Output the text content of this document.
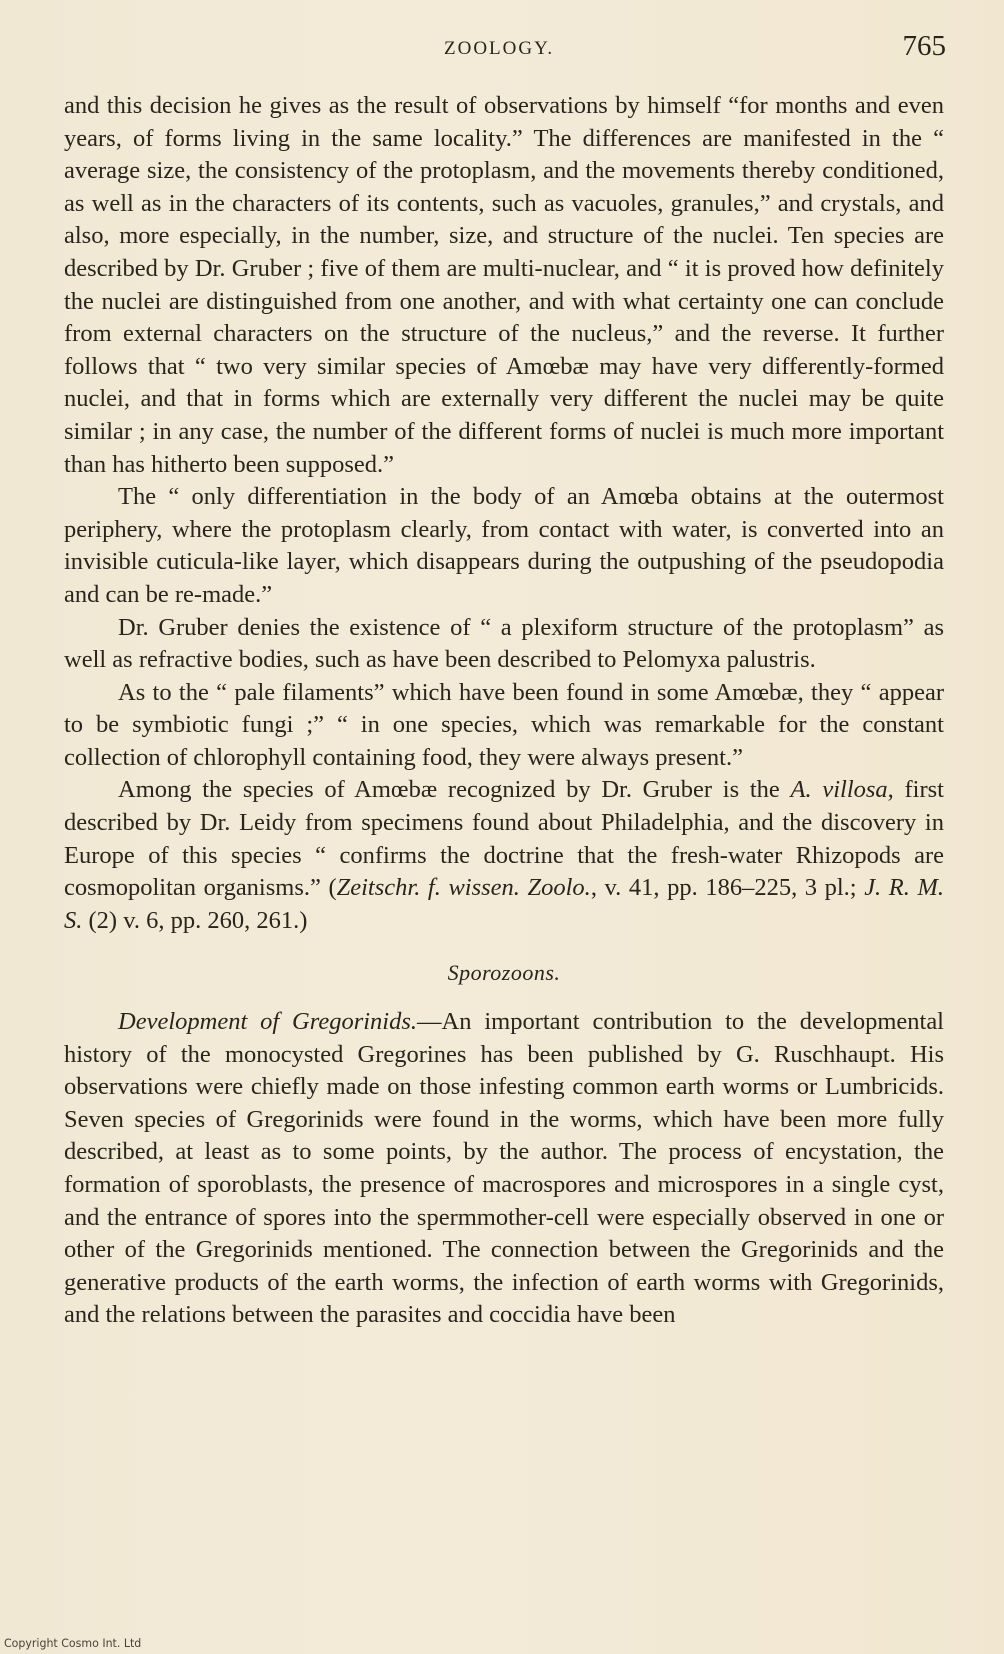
ZOOLOGY.	765

and this decision he gives as the result of observations by himself “for months and even years, of forms living in the same locality.” The differences are manifested in the “ average size, the consistency of the protoplasm, and the movements thereby conditioned, as well as in the characters of its contents, such as vacuoles, granules,” and crystals, and also, more especially, in the number, size, and structure of the nuclei. Ten species are described by Dr. Gruber ; five of them are multi-nuclear, and “ it is proved how definitely the nuclei are distinguished from one another, and with what certainty one can conclude from external characters on the structure of the nucleus,” and the reverse. It further follows that “ two very similar species of Amœbæ may have very differently-formed nuclei, and that in forms which are externally very different the nuclei may be quite similar ; in any case, the number of the different forms of nuclei is much more important than has hitherto been supposed.”

The “ only differentiation in the body of an Amœba obtains at the outermost periphery, where the protoplasm clearly, from contact with water, is converted into an invisible cuticula-like layer, which disappears during the outpushing of the pseudopodia and can be re-made.”

Dr. Gruber denies the existence of “ a plexiform structure of the protoplasm” as well as refractive bodies, such as have been described to Pelomyxa palustris.

As to the “ pale filaments” which have been found in some Amœbæ, they “ appear to be symbiotic fungi ;” “ in one species, which was remarkable for the constant collection of chlorophyll containing food, they were always present.”

Among the species of Amœbæ recognized by Dr. Gruber is the A. villosa, first described by Dr. Leidy from specimens found about Philadelphia, and the discovery in Europe of this species “ confirms the doctrine that the fresh-water Rhizopods are cosmopolitan organisms.” (Zeitschr. f. wissen. Zoolo., v. 41, pp. 186–225, 3 pl.; J. R. M. S. (2) v. 6, pp. 260, 261.)

Sporozoons.

Development of Gregorinids.—An important contribution to the developmental history of the monocysted Gregorines has been published by G. Ruschhaupt. His observations were chiefly made on those infesting common earth worms or Lumbricids. Seven species of Gregorinids were found in the worms, which have been more fully described, at least as to some points, by the author. The process of encystation, the formation of sporoblasts, the presence of macrospores and microspores in a single cyst, and the entrance of spores into the spermmother-cell were especially observed in one or other of the Gregorinids mentioned. The connection between the Gregorinids and the generative products of the earth worms, the infection of earth worms with Gregorinids, and the relations between the parasites and coccidia have been

Copyright Cosmo Int. Ltd
